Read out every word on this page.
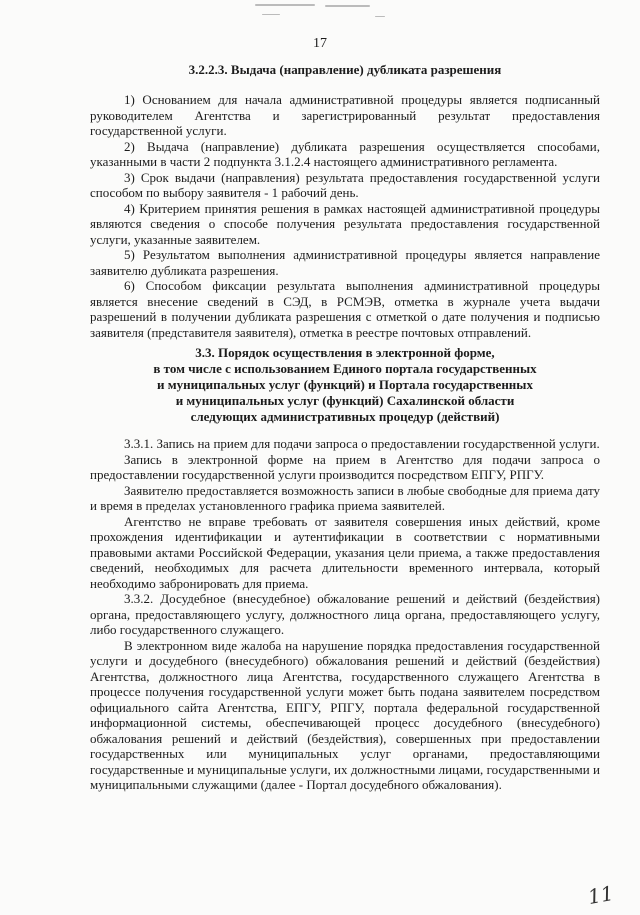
17
3.2.2.3. Выдача (направление) дубликата разрешения

1) Основанием для начала административной процедуры является подписанный руководителем Агентства и зарегистрированный результат предоставления государственной услуги.

2) Выдача (направление) дубликата разрешения осуществляется способами, указанными в части 2 подпункта 3.1.2.4 настоящего административного регламента.

3) Срок выдачи (направления) результата предоставления государственной услуги способом по выбору заявителя - 1 рабочий день.

4) Критерием принятия решения в рамках настоящей административной процедуры являются сведения о способе получения результата предоставления государственной услуги, указанные заявителем.

5) Результатом выполнения административной процедуры является направление заявителю дубликата разрешения.

6) Способом фиксации результата выполнения административной процедуры является внесение сведений в СЭД, в РСМЭВ, отметка в журнале учета выдачи разрешений в получении дубликата разрешения с отметкой о дате получения и подписью заявителя (представителя заявителя), отметка в реестре почтовых отправлений.

3.3. Порядок осуществления в электронной форме,
в том числе с использованием Единого портала государственных
и муниципальных услуг (функций) и Портала государственных
и муниципальных услуг (функций) Сахалинской области
следующих административных процедур (действий)

3.3.1. Запись на прием для подачи запроса о предоставлении государственной услуги.

Запись в электронной форме на прием в Агентство для подачи запроса о предоставлении государственной услуги производится посредством ЕПГУ, РПГУ.

Заявителю предоставляется возможность записи в любые свободные для приема дату и время в пределах установленного графика приема заявителей.

Агентство не вправе требовать от заявителя совершения иных действий, кроме прохождения идентификации и аутентификации в соответствии с нормативными правовыми актами Российской Федерации, указания цели приема, а также предоставления сведений, необходимых для расчета длительности временного интервала, который необходимо забронировать для приема.

3.3.2. Досудебное (внесудебное) обжалование решений и действий (бездействия) органа, предоставляющего услугу, должностного лица органа, предоставляющего услугу, либо государственного служащего.

В электронном виде жалоба на нарушение порядка предоставления государственной услуги и досудебного (внесудебного) обжалования решений и действий (бездействия) Агентства, должностного лица Агентства, государственного служащего Агентства в процессе получения государственной услуги может быть подана заявителем посредством официального сайта Агентства, ЕПГУ, РПГУ, портала федеральной государственной информационной системы, обеспечивающей процесс досудебного (внесудебного) обжалования решений и действий (бездействия), совершенных при предоставлении государственных или муниципальных услуг органами, предоставляющими государственные и муниципальные услуги, их должностными лицами, государственными и муниципальными служащими (далее - Портал досудебного обжалования).

11
